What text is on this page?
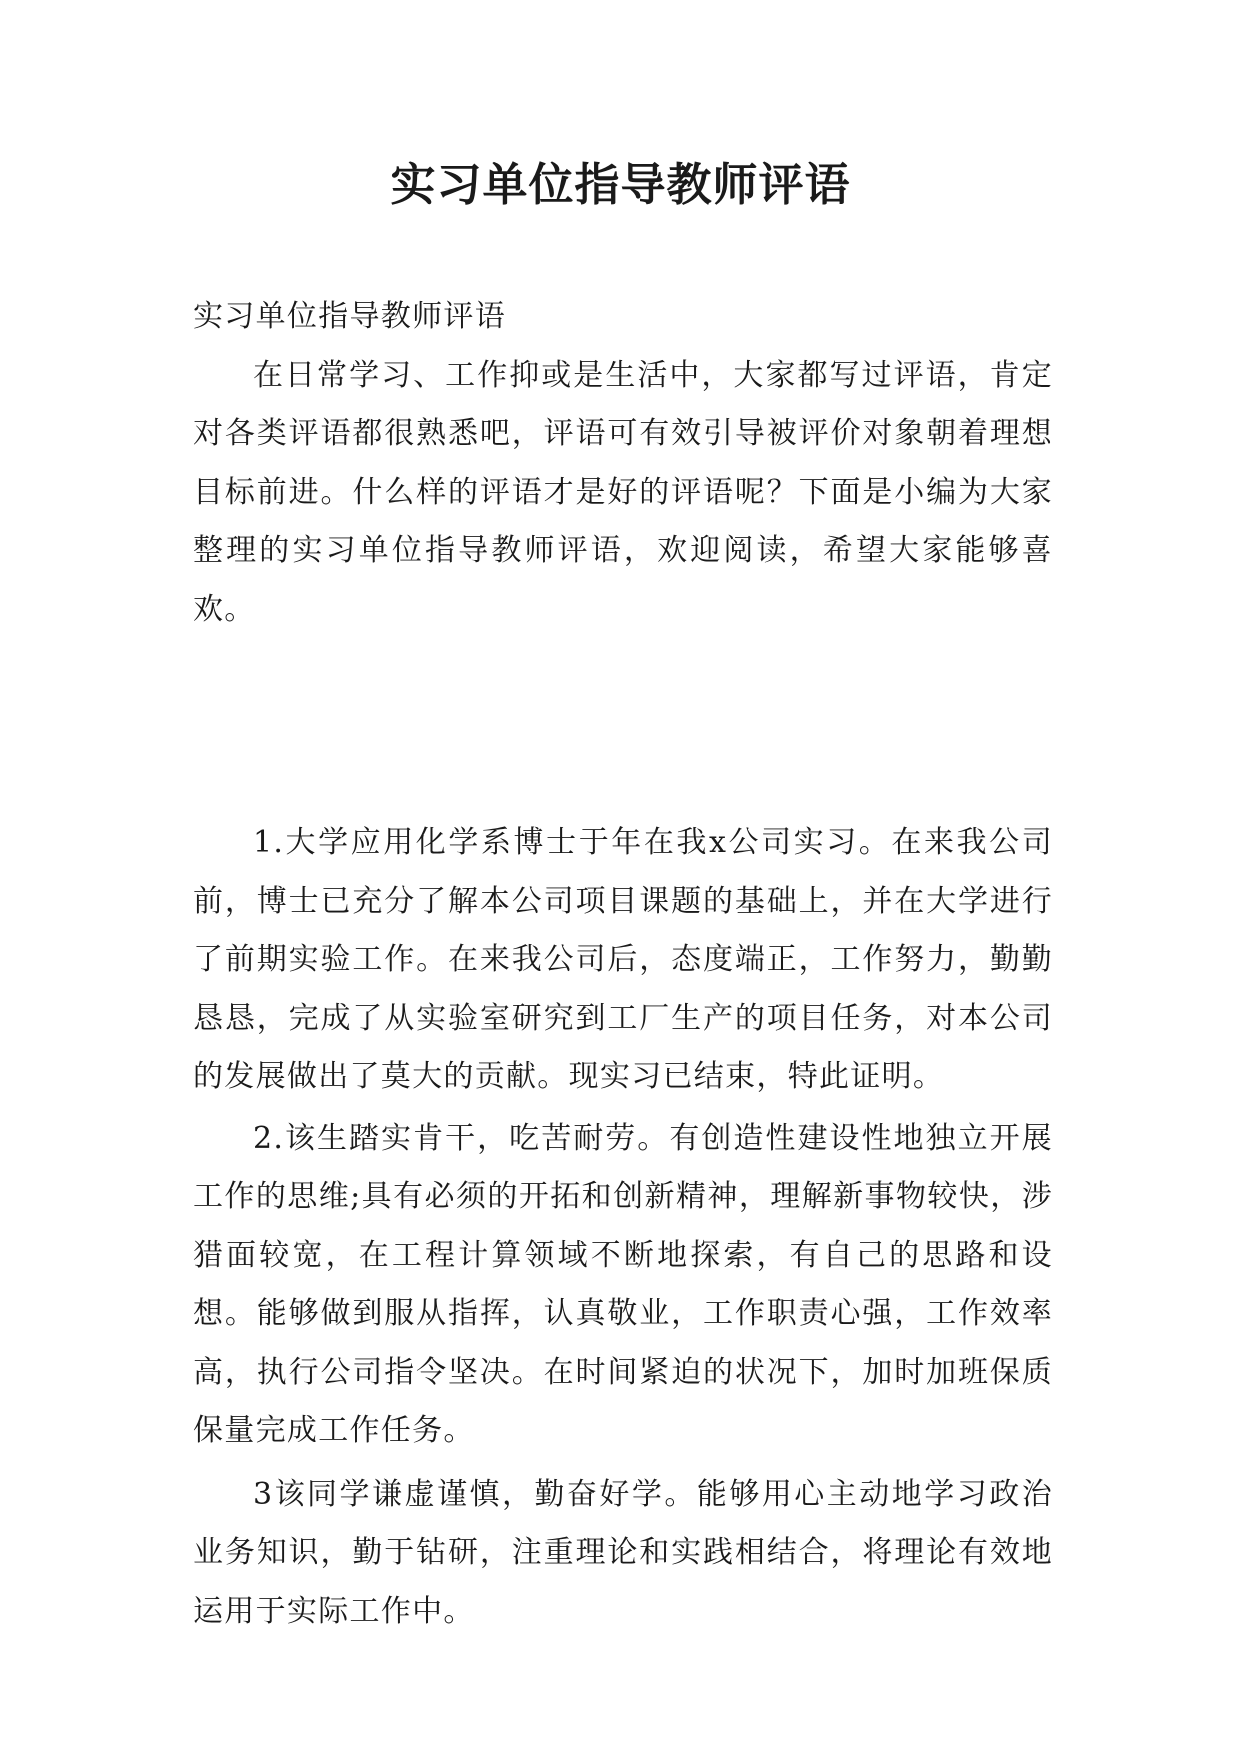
实习单位指导教师评语

实习单位指导教师评语

在日常学习、工作抑或是生活中，大家都写过评语，肯定对各类评语都很熟悉吧，评语可有效引导被评价对象朝着理想目标前进。什么样的评语才是好的评语呢？下面是小编为大家整理的实习单位指导教师评语，欢迎阅读，希望大家能够喜欢。

1.大学应用化学系博士于年在我x公司实习。在来我公司前，博士已充分了解本公司项目课题的基础上，并在大学进行了前期实验工作。在来我公司后，态度端正，工作努力，勤勤恳恳，完成了从实验室研究到工厂生产的项目任务，对本公司的发展做出了莫大的贡献。现实习已结束，特此证明。

2.该生踏实肯干，吃苦耐劳。有创造性建设性地独立开展工作的思维;具有必须的开拓和创新精神，理解新事物较快，涉猎面较宽，在工程计算领域不断地探索，有自己的思路和设想。能够做到服从指挥，认真敬业，工作职责心强，工作效率高，执行公司指令坚决。在时间紧迫的状况下，加时加班保质保量完成工作任务。

3该同学谦虚谨慎，勤奋好学。能够用心主动地学习政治业务知识，勤于钻研，注重理论和实践相结合，将理论有效地运用于实际工作中。
